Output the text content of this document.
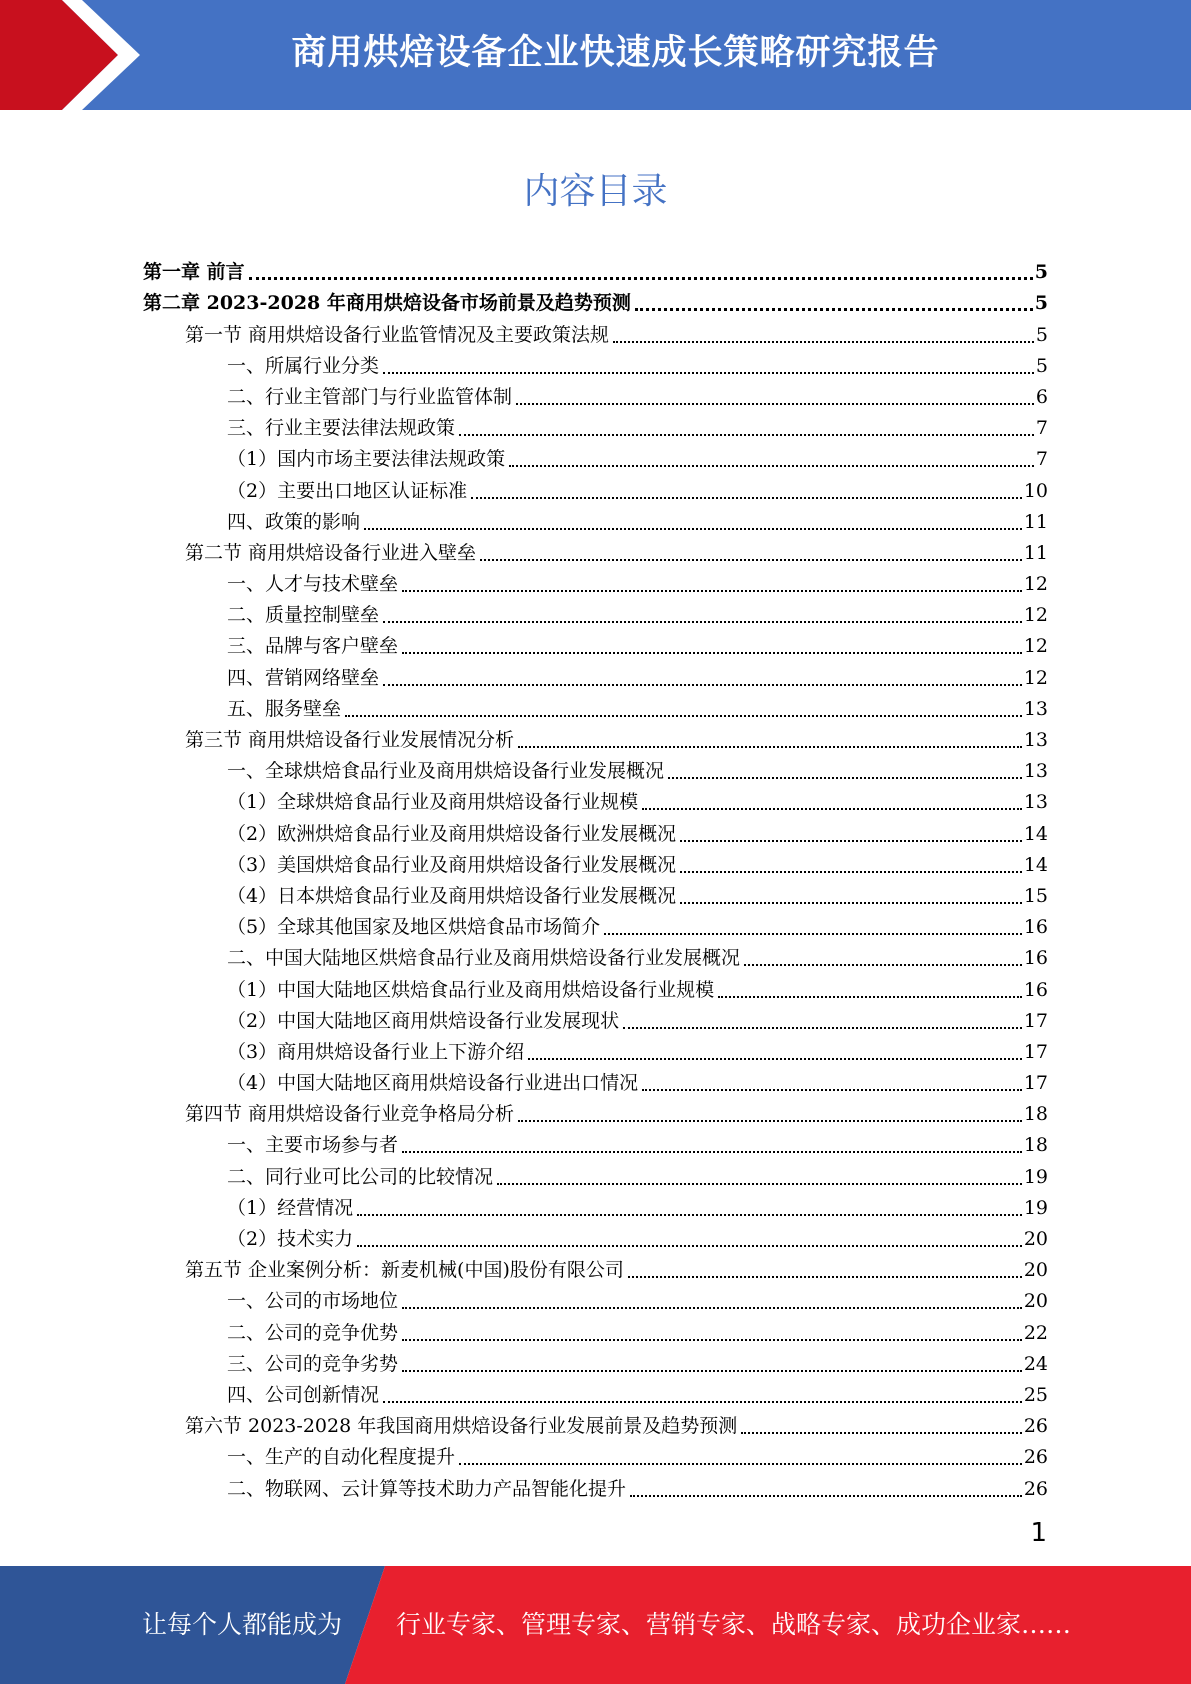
商用烘焙设备企业快速成长策略研究报告
内容目录
第一章 前言	5
第二章 2023-2028 年商用烘焙设备市场前景及趋势预测	5
第一节 商用烘焙设备行业监管情况及主要政策法规	5
一、所属行业分类	5
二、行业主管部门与行业监管体制	6
三、行业主要法律法规政策	7
（1）国内市场主要法律法规政策	7
（2）主要出口地区认证标准	10
四、政策的影响	11
第二节 商用烘焙设备行业进入壁垒	11
一、人才与技术壁垒	12
二、质量控制壁垒	12
三、品牌与客户壁垒	12
四、营销网络壁垒	12
五、服务壁垒	13
第三节 商用烘焙设备行业发展情况分析	13
一、全球烘焙食品行业及商用烘焙设备行业发展概况	13
（1）全球烘焙食品行业及商用烘焙设备行业规模	13
（2）欧洲烘焙食品行业及商用烘焙设备行业发展概况	14
（3）美国烘焙食品行业及商用烘焙设备行业发展概况	14
（4）日本烘焙食品行业及商用烘焙设备行业发展概况	15
（5）全球其他国家及地区烘焙食品市场简介	16
二、中国大陆地区烘焙食品行业及商用烘焙设备行业发展概况	16
（1）中国大陆地区烘焙食品行业及商用烘焙设备行业规模	16
（2）中国大陆地区商用烘焙设备行业发展现状	17
（3）商用烘焙设备行业上下游介绍	17
（4）中国大陆地区商用烘焙设备行业进出口情况	17
第四节 商用烘焙设备行业竞争格局分析	18
一、主要市场参与者	18
二、同行业可比公司的比较情况	19
（1）经营情况	19
（2）技术实力	20
第五节 企业案例分析：新麦机械(中国)股份有限公司	20
一、公司的市场地位	20
二、公司的竞争优势	22
三、公司的竞争劣势	24
四、公司创新情况	25
第六节 2023-2028 年我国商用烘焙设备行业发展前景及趋势预测	26
一、生产的自动化程度提升	26
二、物联网、云计算等技术助力产品智能化提升	26
1
让每个人都能成为 行业专家、管理专家、营销专家、战略专家、成功企业家……
